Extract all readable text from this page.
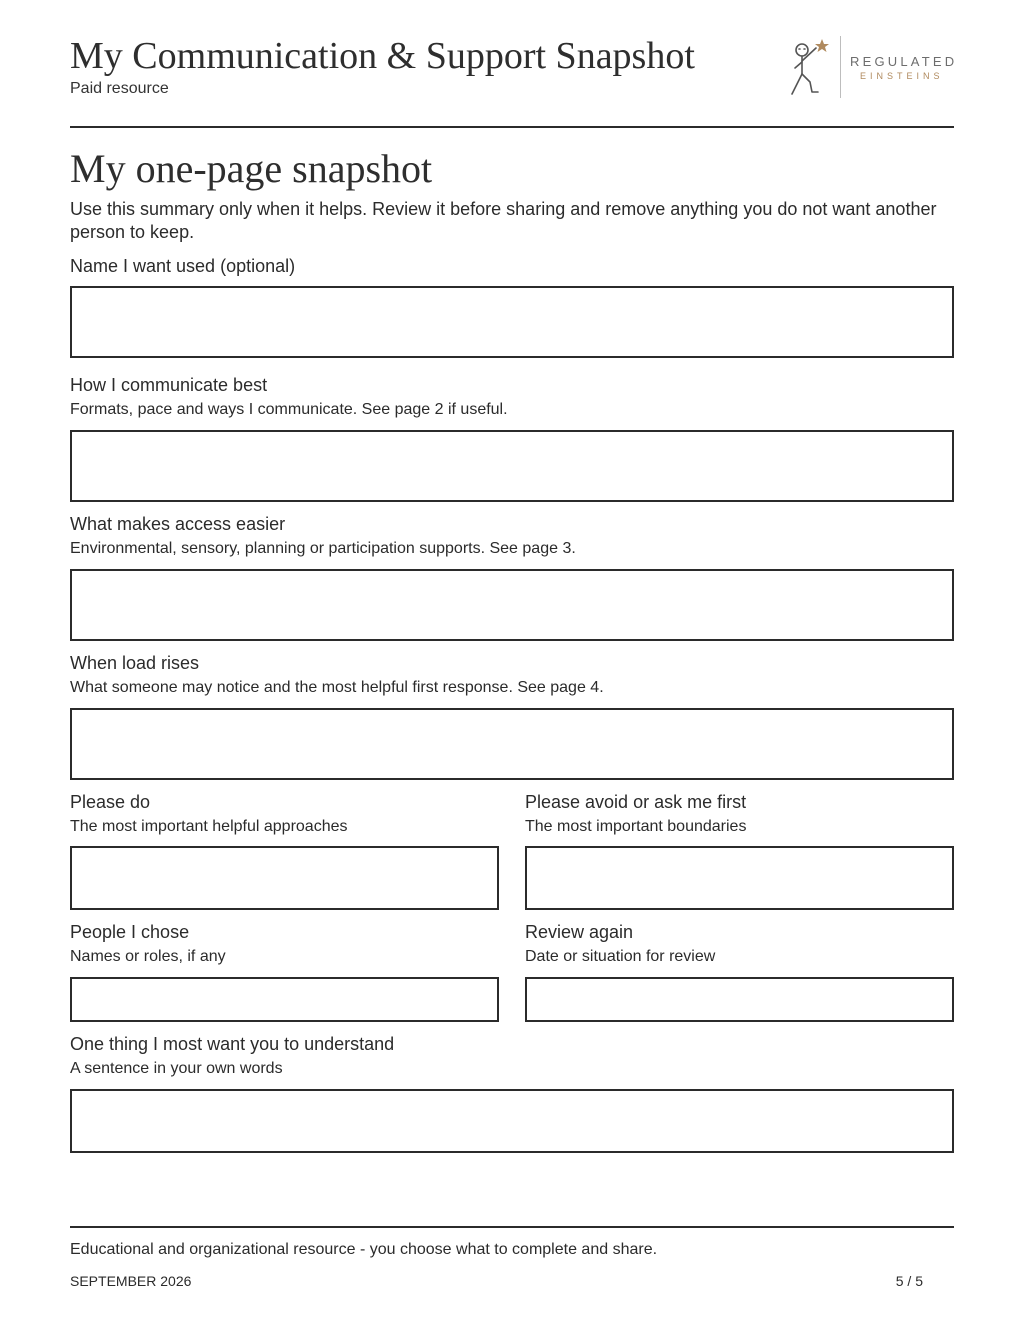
My Communication & Support Snapshot
Paid resource
REGULATED
EINSTEINS
My one-page snapshot
Use this summary only when it helps. Review it before sharing and remove anything you do not want another person to keep.
Name I want used (optional)
How I communicate best
Formats, pace and ways I communicate. See page 2 if useful.
What makes access easier
Environmental, sensory, planning or participation supports. See page 3.
When load rises
What someone may notice and the most helpful first response. See page 4.
Please do
The most important helpful approaches
Please avoid or ask me first
The most important boundaries
People I chose
Names or roles, if any
Review again
Date or situation for review
One thing I most want you to understand
A sentence in your own words
Educational and organizational resource - you choose what to complete and share.
SEPTEMBER 2026	5 / 5
